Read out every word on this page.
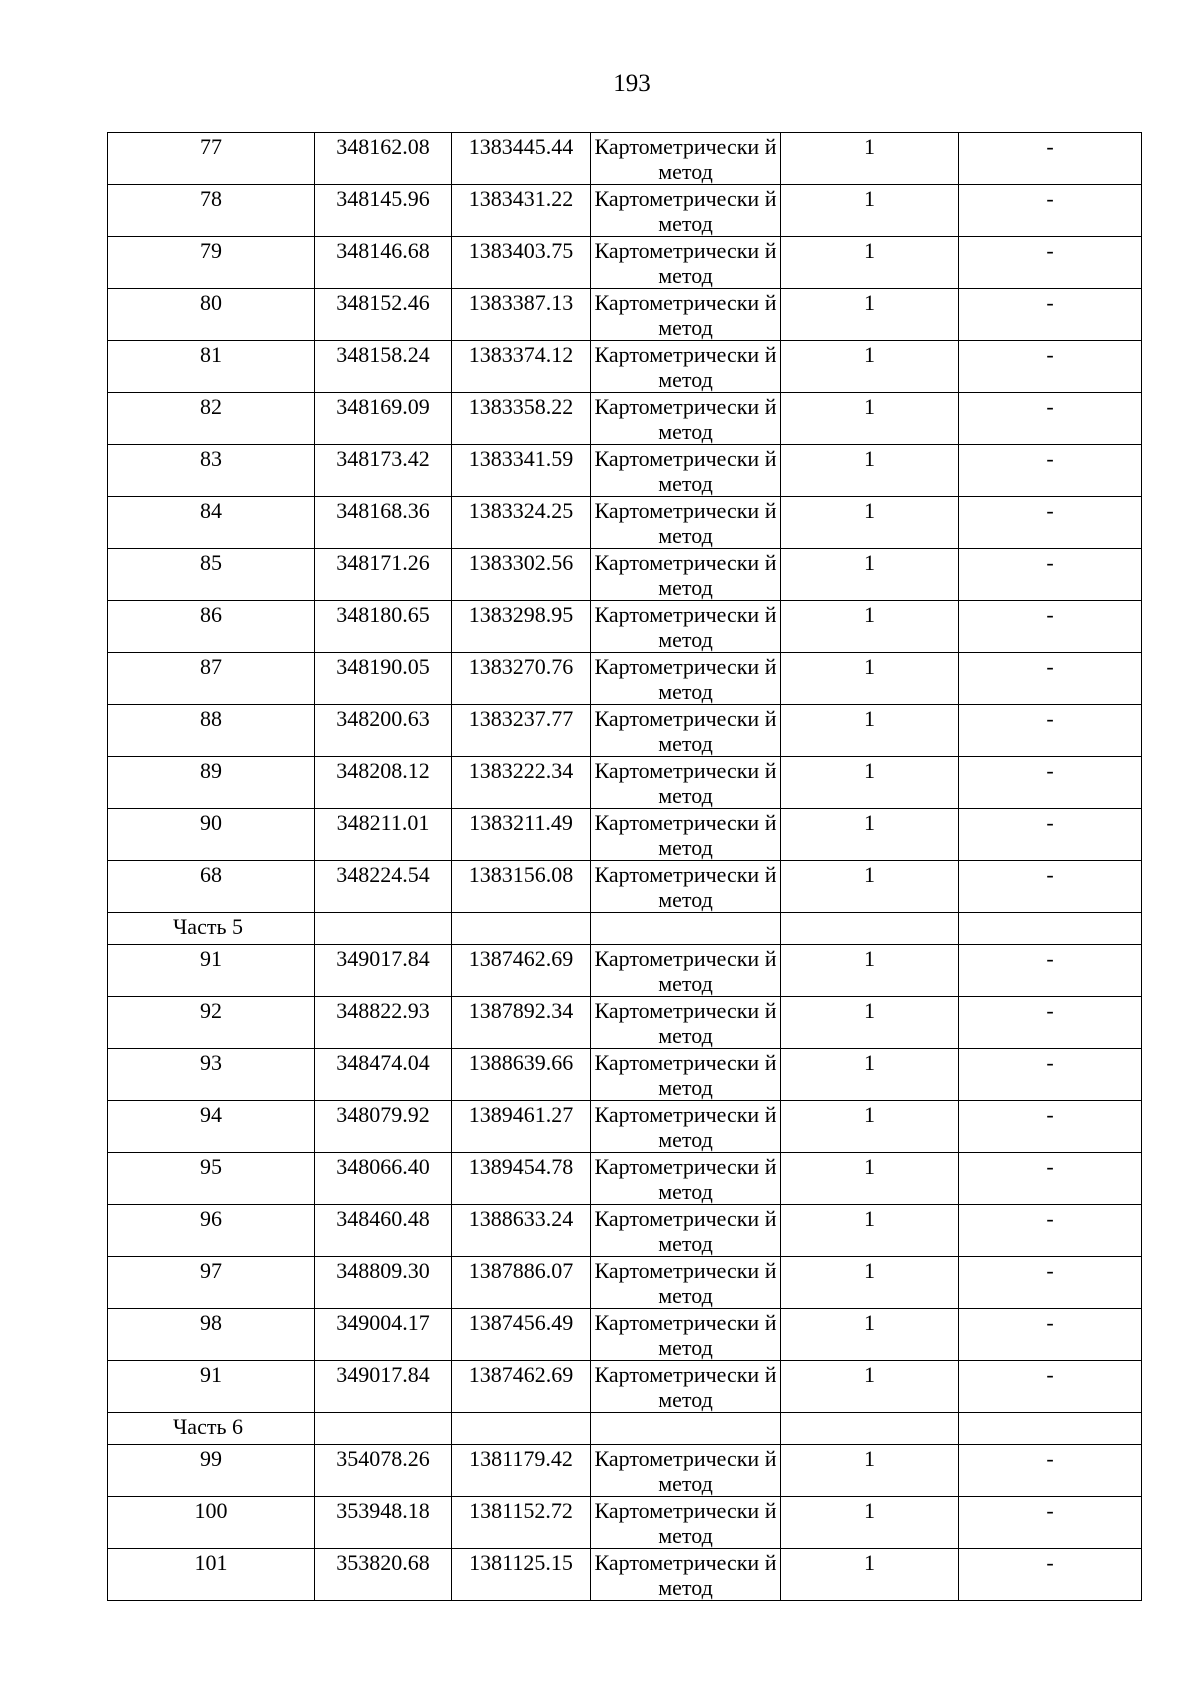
193
77	348162.08	1383445.44	Картометрически й метод	1	-
78	348145.96	1383431.22	Картометрически й метод	1	-
79	348146.68	1383403.75	Картометрически й метод	1	-
80	348152.46	1383387.13	Картометрически й метод	1	-
81	348158.24	1383374.12	Картометрически й метод	1	-
82	348169.09	1383358.22	Картометрически й метод	1	-
83	348173.42	1383341.59	Картометрически й метод	1	-
84	348168.36	1383324.25	Картометрически й метод	1	-
85	348171.26	1383302.56	Картометрически й метод	1	-
86	348180.65	1383298.95	Картометрически й метод	1	-
87	348190.05	1383270.76	Картометрически й метод	1	-
88	348200.63	1383237.77	Картометрически й метод	1	-
89	348208.12	1383222.34	Картометрически й метод	1	-
90	348211.01	1383211.49	Картометрически й метод	1	-
68	348224.54	1383156.08	Картометрически й метод	1	-
Часть 5					
91	349017.84	1387462.69	Картометрически й метод	1	-
92	348822.93	1387892.34	Картометрически й метод	1	-
93	348474.04	1388639.66	Картометрически й метод	1	-
94	348079.92	1389461.27	Картометрически й метод	1	-
95	348066.40	1389454.78	Картометрически й метод	1	-
96	348460.48	1388633.24	Картометрически й метод	1	-
97	348809.30	1387886.07	Картометрически й метод	1	-
98	349004.17	1387456.49	Картометрически й метод	1	-
91	349017.84	1387462.69	Картометрически й метод	1	-
Часть 6					
99	354078.26	1381179.42	Картометрически й метод	1	-
100	353948.18	1381152.72	Картометрически й метод	1	-
101	353820.68	1381125.15	Картометрически й метод	1	-
